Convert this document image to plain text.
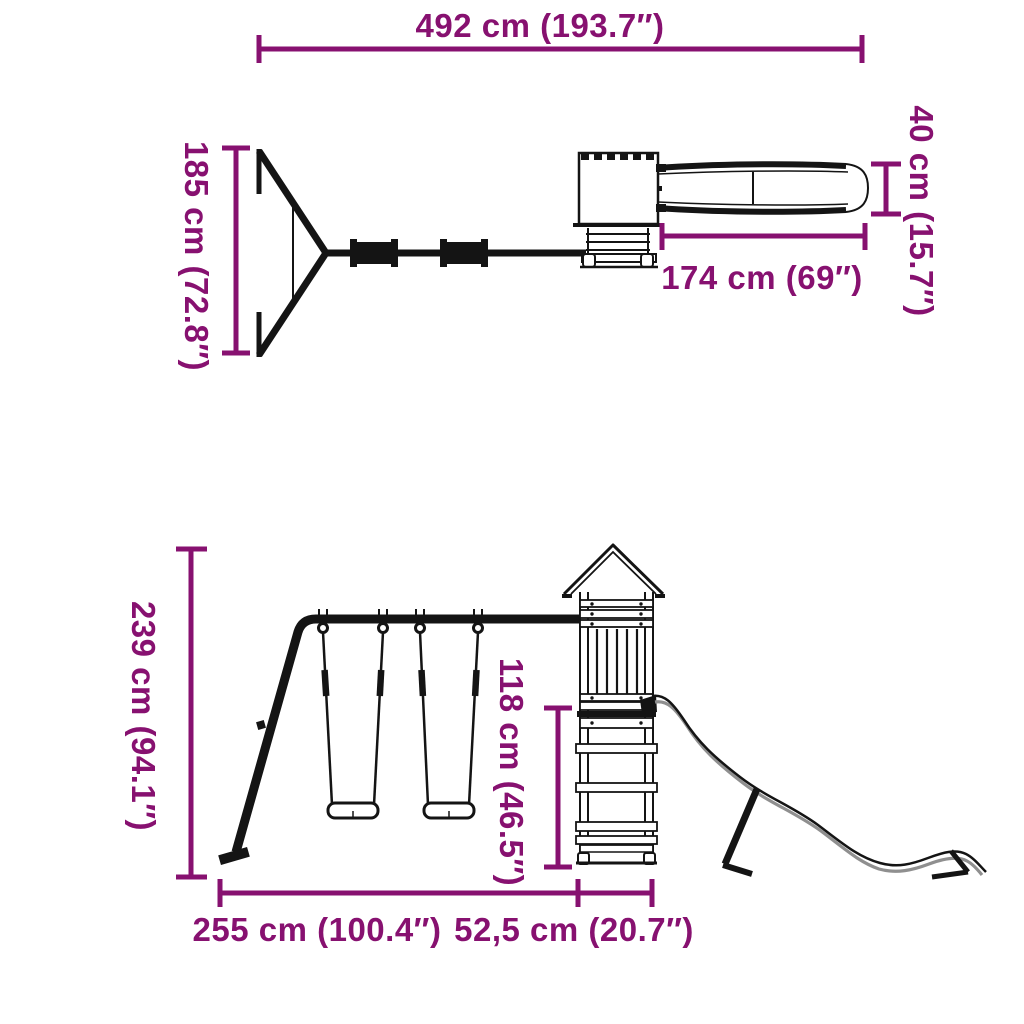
492 cm (193.7″)
185 cm (72.8″)	40 cm (15.7″)
174 cm (69″)
239 cm (94.1″)	118 cm (46.5″)
255 cm (100.4″) 52,5 cm (20.7″)
